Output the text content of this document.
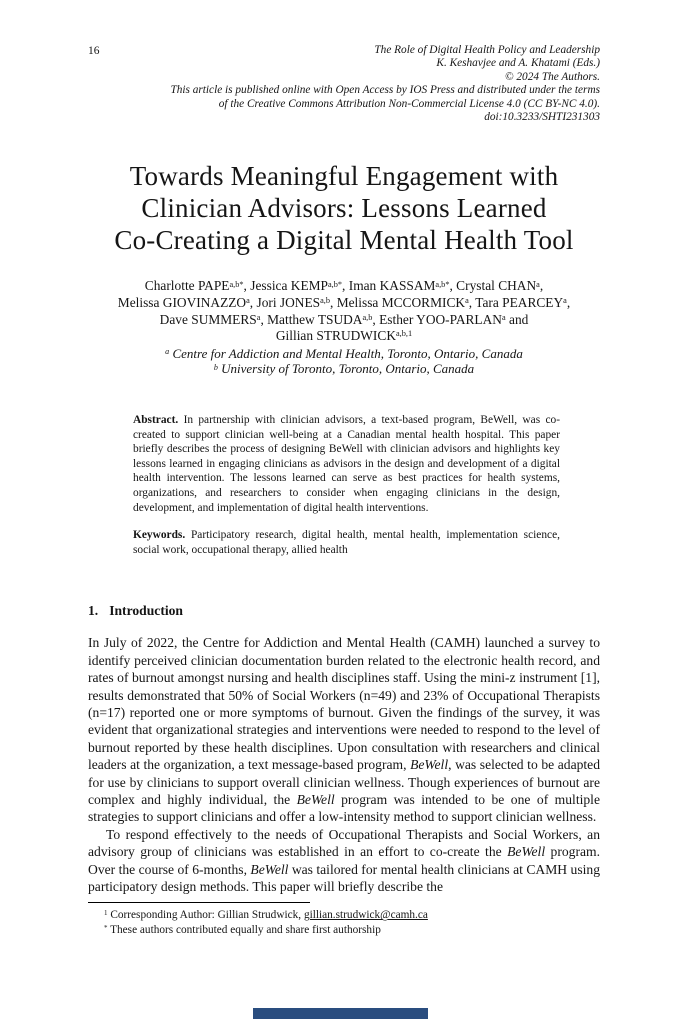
16	The Role of Digital Health Policy and Leadership
K. Keshavjee and A. Khatami (Eds.)
© 2024 The Authors.
This article is published online with Open Access by IOS Press and distributed under the terms
of the Creative Commons Attribution Non-Commercial License 4.0 (CC BY-NC 4.0).
doi:10.3233/SHTI231303
Towards Meaningful Engagement with
Clinician Advisors: Lessons Learned
Co-Creating a Digital Mental Health Tool
Charlotte $PAPE^{a,b*}$, Jessica $KEMP^{a,b*}$, Iman $KASSAM^{a,b*}$, Crystal CHAN$^a$,
Melissa GIOVINAZZO$^a$, Jori JONES$^{a,b}$, Melissa MCCORMICK$^a$, Tara PEARCEY$^a$,
Dave SUMMERS$^a$, Matthew TSUDA$^{a,b}$, Esther YOO-PARLAN$^a$ and
Gillian STRUDWICK$^{a,b,1}$
$^a$ Centre for Addiction and Mental Health, Toronto, Ontario, Canada
$^b$ University of Toronto, Toronto, Ontario, Canada
Abstract. In partnership with clinician advisors, a text-based program, BeWell, was co-created to support clinician well-being at a Canadian mental health hospital. This paper briefly describes the process of designing BeWell with clinician advisors and highlights key lessons learned in engaging clinicians as advisors in the design and development of a digital health intervention. The lessons learned can serve as best practices for health systems, organizations, and researchers to consider when engaging clinicians in the design, development, and implementation of digital health interventions.
Keywords. Participatory research, digital health, mental health, implementation science, social work, occupational therapy, allied health
1. Introduction

In July of 2022, the Centre for Addiction and Mental Health (CAMH) launched a survey to identify perceived clinician documentation burden related to the electronic health record, and rates of burnout amongst nursing and health disciplines staff. Using the mini-z instrument [1], results demonstrated that 50% of Social Workers (n=49) and 23% of Occupational Therapists (n=17) reported one or more symptoms of burnout. Given the findings of the survey, it was evident that organizational strategies and interventions were needed to respond to the level of burnout reported by these health disciplines. Upon consultation with researchers and clinical leaders at the organization, a text message-based program, BeWell, was selected to be adapted for use by clinicians to support overall clinician wellness. Though experiences of burnout are complex and highly individual, the BeWell program was intended to be one of multiple strategies to support clinicians and offer a low-intensity method to support clinician wellness.

To respond effectively to the needs of Occupational Therapists and Social Workers, an advisory group of clinicians was established in an effort to co-create the BeWell program. Over the course of 6-months, BeWell was tailored for mental health clinicians at CAMH using participatory design methods. This paper will briefly describe the

$^1$ Corresponding Author: Gillian Strudwick, gillian.strudwick@camh.ca
* These authors contributed equally and share first authorship
